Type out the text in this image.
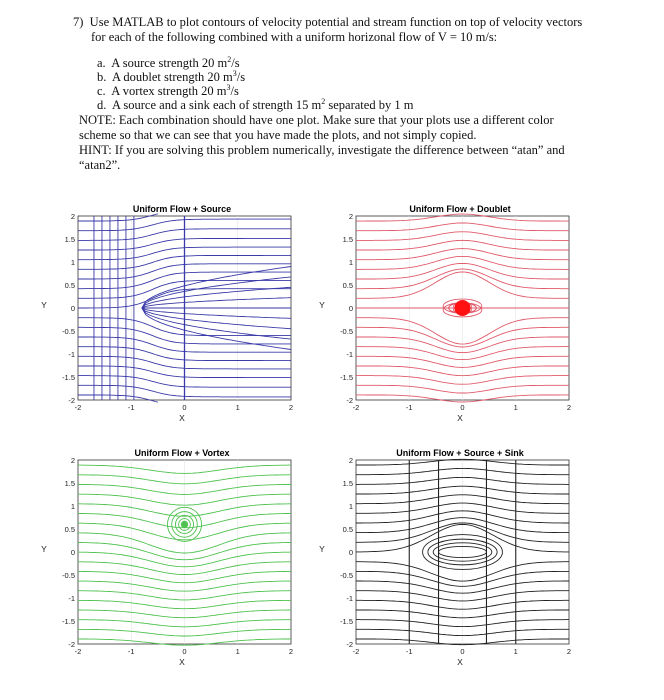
7) Use MATLAB to plot contours of velocity potential and stream function on top of velocity vectors
for each of the following combined with a uniform horizonal flow of V = 10 m/s:
a. A source strength 20 $m^2/s$
b. A doublet strength 20 $m^3/s$
c. A vortex strength 20 $m^3/s$
d. A source and a sink each of strength 15 $m^2$ separated by 1 m
NOTE: Each combination should have one plot. Make sure that your plots use a different color
scheme so that we can see that you have made the plots, and not simply copied.
HINT: If you are solving this problem numerically, investigate the difference between “atan” and
“atan2”.
Uniform Flow + Source
2
1.5
1
0.5
0
-0.5
-1
-1.5
-2
-2	-1	0	1	2
X
Y
Uniform Flow + Doublet
2
1.5
1
0.5
0
-0.5
-1
-1.5
-2
-2	-1	0	1	2
X
Y
Uniform Flow + Vortex
2
1.5
1
0.5
0
-0.5
-1
-1.5
-2
-2	-1	0	1	2
X
Y
Uniform Flow + Source + Sink
2
1.5
1
0.5
0
-0.5
-1
-1.5
-2
-2	-1	0	1	2
X
Y
